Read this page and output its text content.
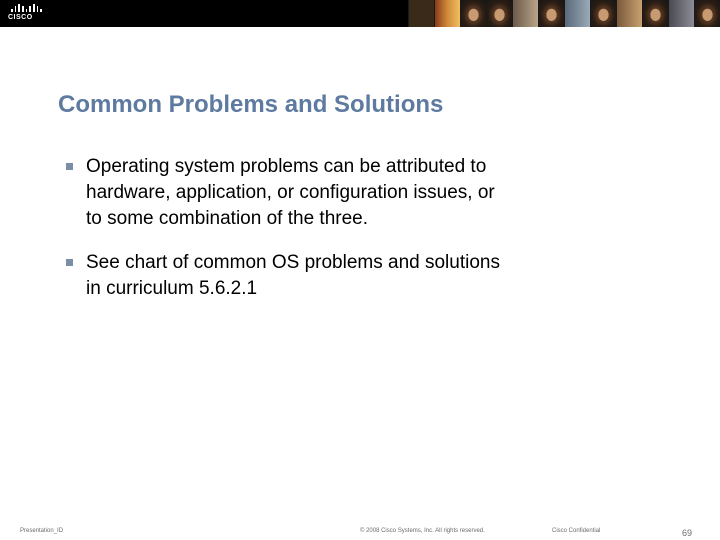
CISCO
Common Problems and Solutions
Operating system problems can be attributed to
hardware, application, or configuration issues, or
to some combination of the three.
See chart of common OS problems and solutions
in curriculum 5.6.2.1
Presentation_ID	© 2008 Cisco Systems, Inc. All rights reserved.	Cisco Confidential	69
